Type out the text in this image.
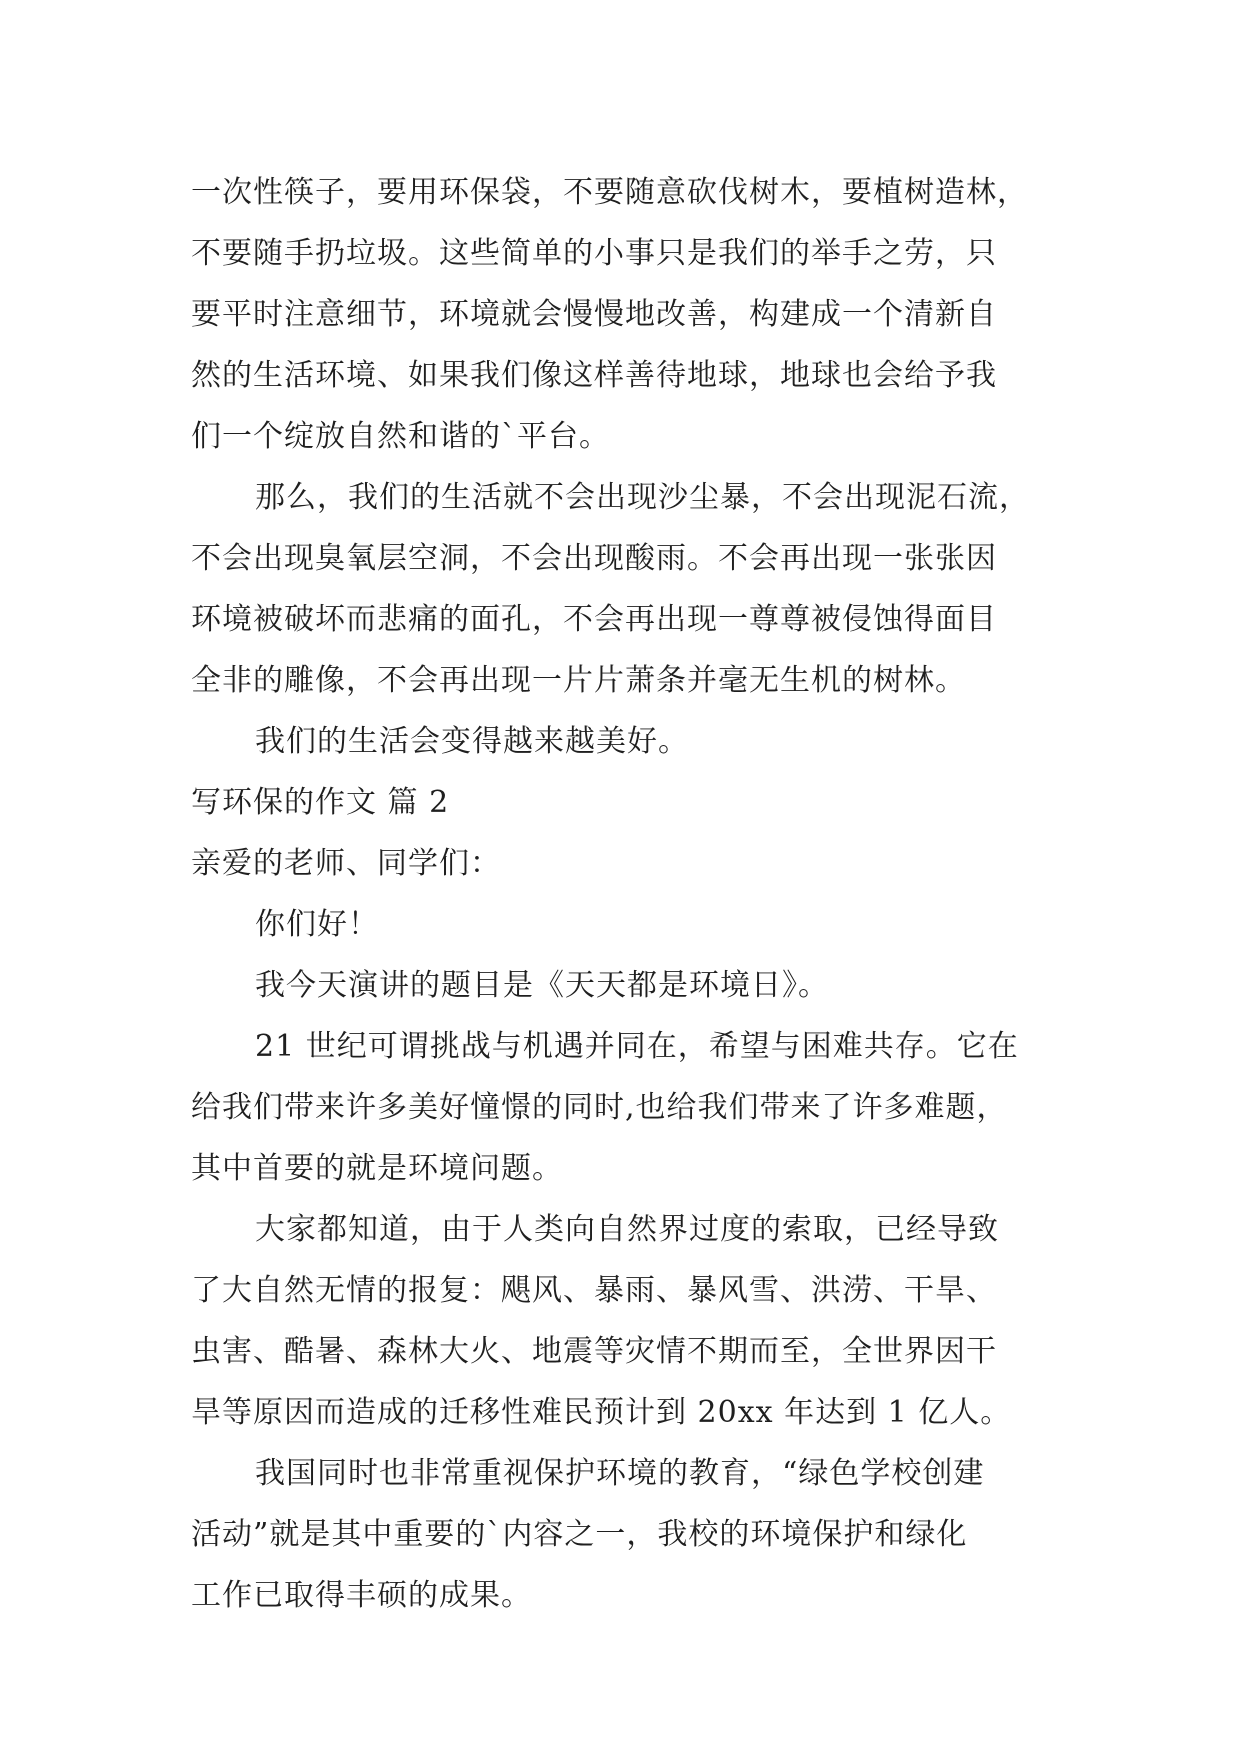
一次性筷子，要用环保袋，不要随意砍伐树木，要植树造林，
不要随手扔垃圾。这些简单的小事只是我们的举手之劳，只
要平时注意细节，环境就会慢慢地改善，构建成一个清新自
然的生活环境、如果我们像这样善待地球，地球也会给予我
们一个绽放自然和谐的`平台。
那么，我们的生活就不会出现沙尘暴，不会出现泥石流，
不会出现臭氧层空洞，不会出现酸雨。不会再出现一张张因
环境被破坏而悲痛的面孔，不会再出现一尊尊被侵蚀得面目
全非的雕像，不会再出现一片片萧条并毫无生机的树林。
我们的生活会变得越来越美好。
写环保的作文 篇 2
亲爱的老师、同学们：
你们好！
我今天演讲的题目是《天天都是环境日》。
21 世纪可谓挑战与机遇并同在，希望与困难共存。它在
给我们带来许多美好憧憬的同时,也给我们带来了许多难题，
其中首要的就是环境问题。
大家都知道，由于人类向自然界过度的索取，已经导致
了大自然无情的报复：飓风、暴雨、暴风雪、洪涝、干旱、
虫害、酷暑、森林大火、地震等灾情不期而至，全世界因干
旱等原因而造成的迁移性难民预计到 20xx 年达到 1 亿人。
我国同时也非常重视保护环境的教育，“绿色学校创建
活动”就是其中重要的`内容之一，我校的环境保护和绿化
工作已取得丰硕的成果。
